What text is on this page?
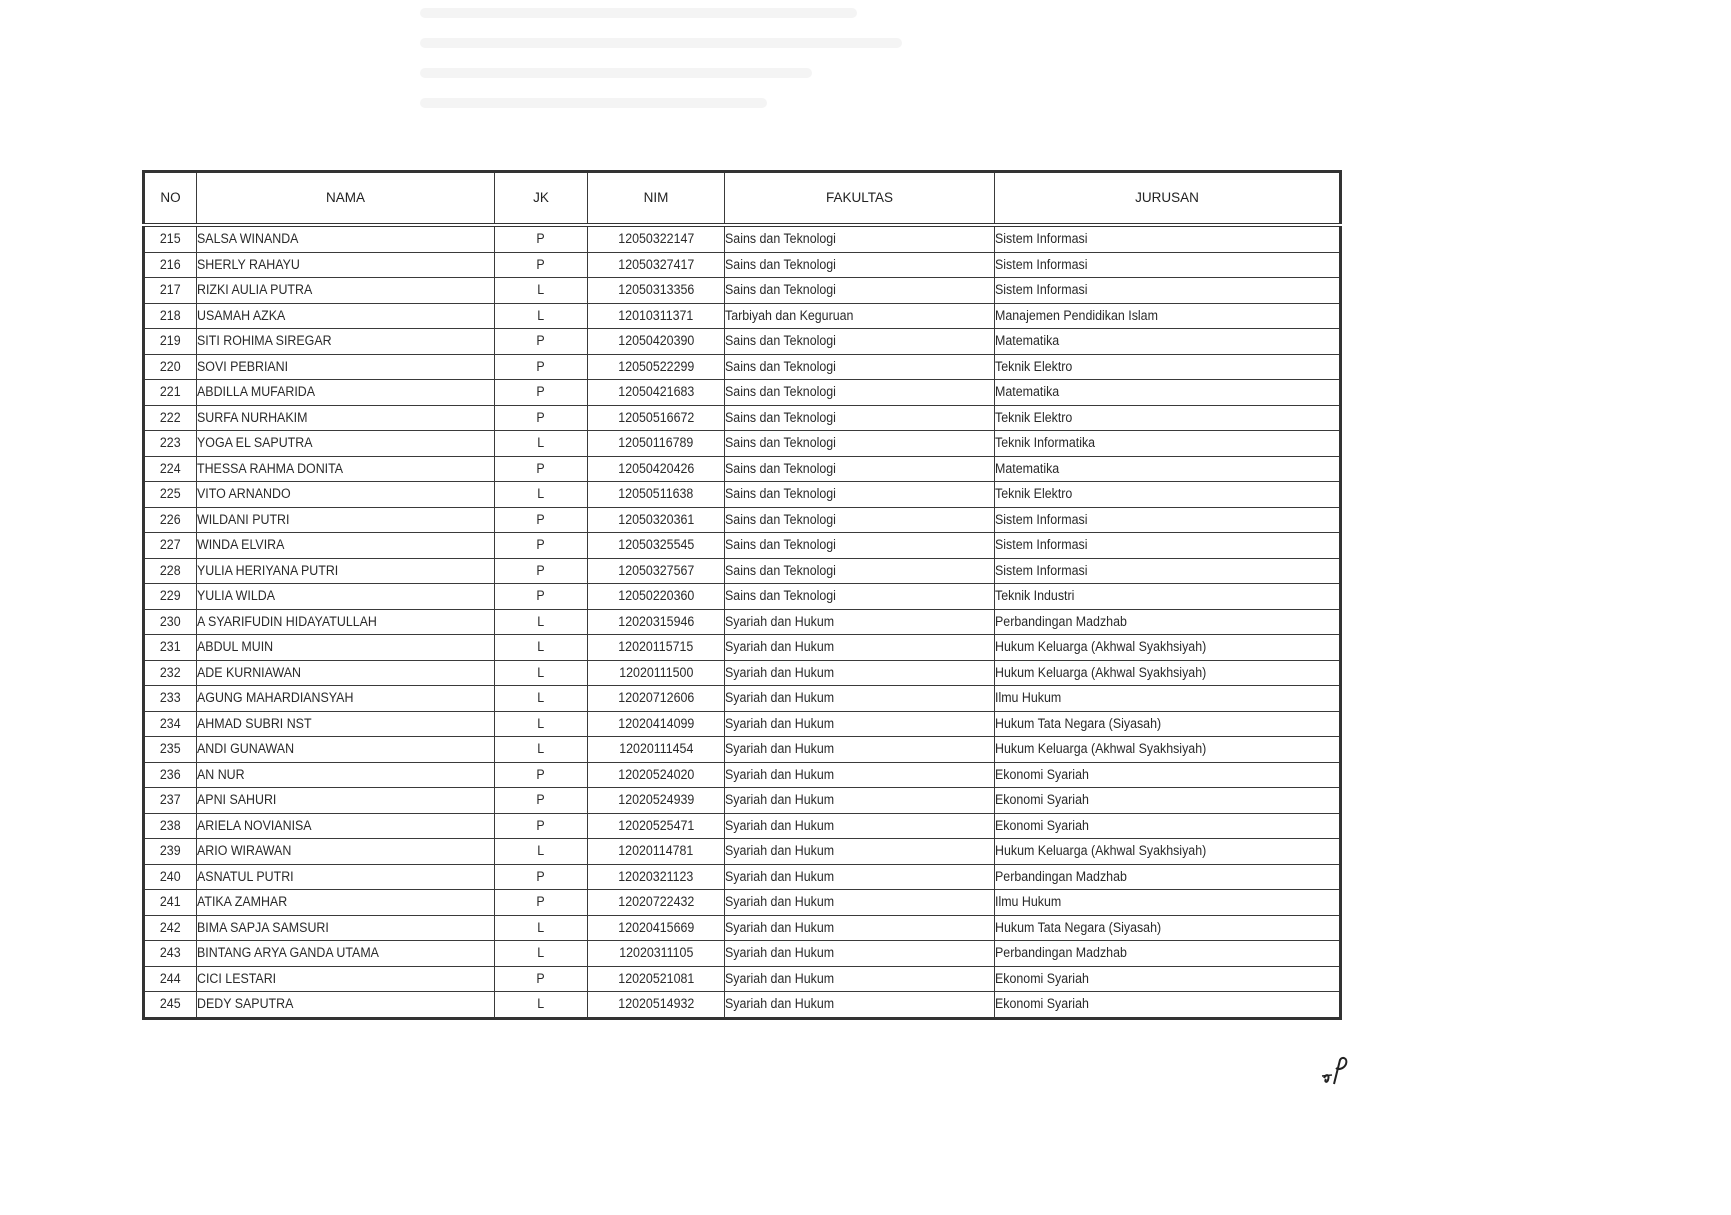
NO	NAMA	JK	NIM	FAKULTAS	JURUSAN
215	SALSA WINANDA	P	12050322147	Sains dan Teknologi	Sistem Informasi
216	SHERLY RAHAYU	P	12050327417	Sains dan Teknologi	Sistem Informasi
217	RIZKI AULIA PUTRA	L	12050313356	Sains dan Teknologi	Sistem Informasi
218	USAMAH AZKA	L	12010311371	Tarbiyah dan Keguruan	Manajemen Pendidikan Islam
219	SITI ROHIMA SIREGAR	P	12050420390	Sains dan Teknologi	Matematika
220	SOVI PEBRIANI	P	12050522299	Sains dan Teknologi	Teknik Elektro
221	ABDILLA MUFARIDA	P	12050421683	Sains dan Teknologi	Matematika
222	SURFA NURHAKIM	P	12050516672	Sains dan Teknologi	Teknik Elektro
223	YOGA EL SAPUTRA	L	12050116789	Sains dan Teknologi	Teknik Informatika
224	THESSA RAHMA DONITA	P	12050420426	Sains dan Teknologi	Matematika
225	VITO ARNANDO	L	12050511638	Sains dan Teknologi	Teknik Elektro
226	WILDANI PUTRI	P	12050320361	Sains dan Teknologi	Sistem Informasi
227	WINDA ELVIRA	P	12050325545	Sains dan Teknologi	Sistem Informasi
228	YULIA HERIYANA PUTRI	P	12050327567	Sains dan Teknologi	Sistem Informasi
229	YULIA WILDA	P	12050220360	Sains dan Teknologi	Teknik Industri
230	A SYARIFUDIN HIDAYATULLAH	L	12020315946	Syariah dan Hukum	Perbandingan Madzhab
231	ABDUL MUIN	L	12020115715	Syariah dan Hukum	Hukum Keluarga (Akhwal Syakhsiyah)
232	ADE KURNIAWAN	L	12020111500	Syariah dan Hukum	Hukum Keluarga (Akhwal Syakhsiyah)
233	AGUNG MAHARDIANSYAH	L	12020712606	Syariah dan Hukum	Ilmu Hukum
234	AHMAD SUBRI NST	L	12020414099	Syariah dan Hukum	Hukum Tata Negara (Siyasah)
235	ANDI GUNAWAN	L	12020111454	Syariah dan Hukum	Hukum Keluarga (Akhwal Syakhsiyah)
236	AN NUR	P	12020524020	Syariah dan Hukum	Ekonomi Syariah
237	APNI SAHURI	P	12020524939	Syariah dan Hukum	Ekonomi Syariah
238	ARIELA NOVIANISA	P	12020525471	Syariah dan Hukum	Ekonomi Syariah
239	ARIO WIRAWAN	L	12020114781	Syariah dan Hukum	Hukum Keluarga (Akhwal Syakhsiyah)
240	ASNATUL PUTRI	P	12020321123	Syariah dan Hukum	Perbandingan Madzhab
241	ATIKA ZAMHAR	P	12020722432	Syariah dan Hukum	Ilmu Hukum
242	BIMA SAPJA SAMSURI	L	12020415669	Syariah dan Hukum	Hukum Tata Negara (Siyasah)
243	BINTANG ARYA GANDA UTAMA	L	12020311105	Syariah dan Hukum	Perbandingan Madzhab
244	CICI LESTARI	P	12020521081	Syariah dan Hukum	Ekonomi Syariah
245	DEDY SAPUTRA	L	12020514932	Syariah dan Hukum	Ekonomi Syariah
